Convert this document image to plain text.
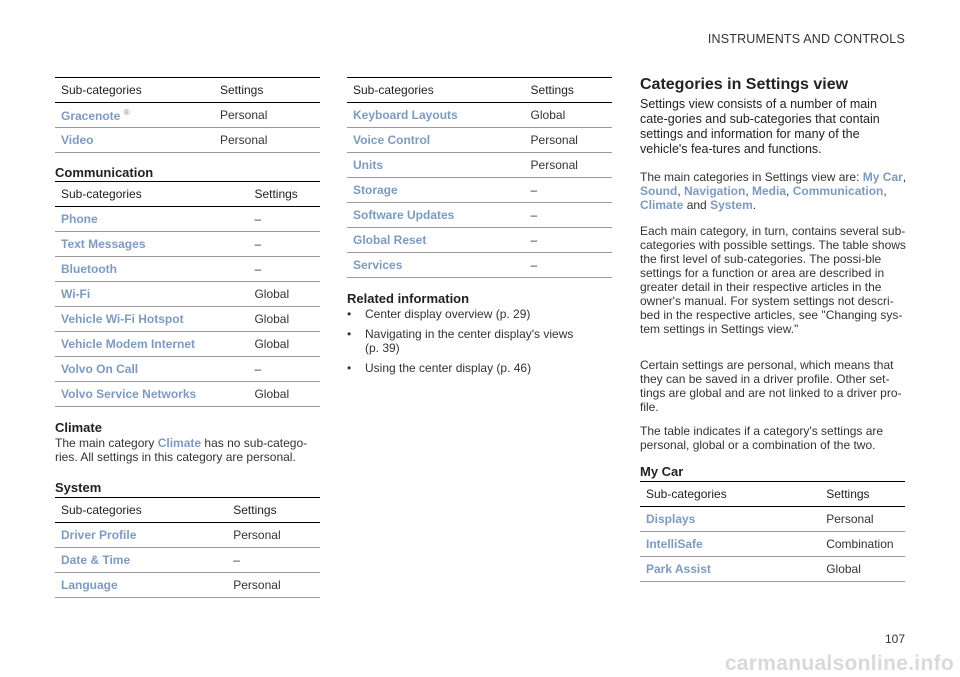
INSTRUMENTS AND CONTROLS
107
carmanualsonline.info
Sub-categories	Settings
Gracenote ®	Personal
Video	Personal
Communication
Sub-categories	Settings
Phone	–
Text Messages	–
Bluetooth	–
Wi-Fi	Global
Vehicle Wi-Fi Hotspot	Global
Vehicle Modem Internet	Global
Volvo On Call	–
Volvo Service Networks	Global
Climate
The main category Climate has no sub-catego-ries. All settings in this category are personal.
System
Sub-categories	Settings
Driver Profile	Personal
Date & Time	–
Language	Personal
Sub-categories	Settings
Keyboard Layouts	Global
Voice Control	Personal
Units	Personal
Storage	–
Software Updates	–
Global Reset	–
Services	–
Related information
• Center display overview (p. 29)
• Navigating in the center display's views (p. 39)
• Using the center display (p. 46)
Categories in Settings view
Settings view consists of a number of main cate-gories and sub-categories that contain settings and information for many of the vehicle's fea-tures and functions.
The main categories in Settings view are: My Car, Sound, Navigation, Media, Communication, Climate and System.
Each main category, in turn, contains several sub-categories with possible settings. The table shows the first level of sub-categories. The possi-ble settings for a function or area are described in greater detail in their respective articles in the owner's manual. For system settings not descri-bed in the respective articles, see "Changing sys-tem settings in Settings view."
Certain settings are personal, which means that they can be saved in a driver profile. Other set-tings are global and are not linked to a driver pro-file.
The table indicates if a category's settings are personal, global or a combination of the two.
My Car
Sub-categories	Settings
Displays	Personal
IntelliSafe	Combination
Park Assist	Global
